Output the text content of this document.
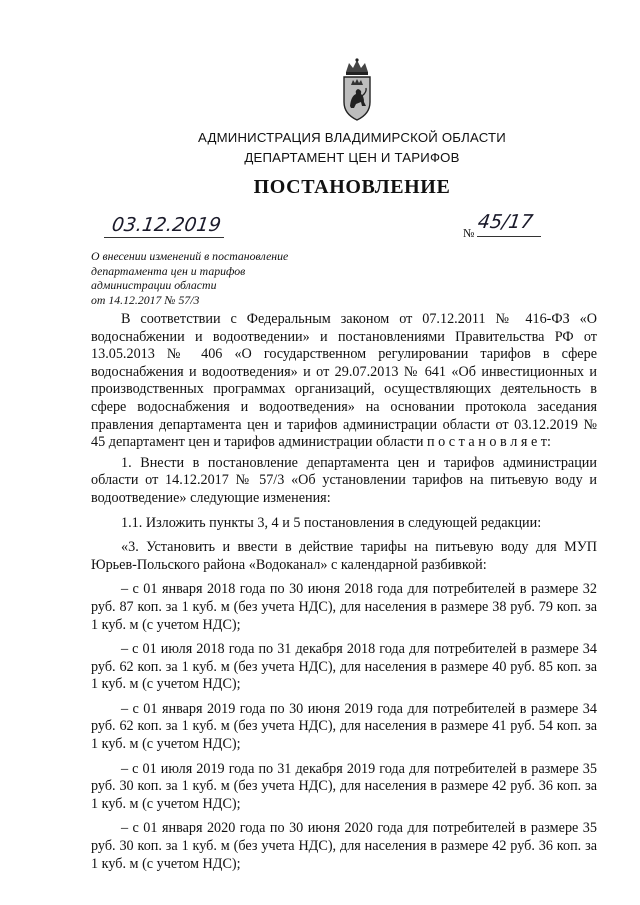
АДМИНИСТРАЦИЯ ВЛАДИМИРСКОЙ ОБЛАСТИ
ДЕПАРТАМЕНТ ЦЕН И ТАРИФОВ
ПОСТАНОВЛЕНИЕ
03.12.2019	№ 45/17
О внесении изменений в постановление
департамента цен и тарифов
администрации области
от 14.12.2017 № 57/3

В соответствии с Федеральным законом от 07.12.2011 № 416-ФЗ «О водоснабжении и водоотведении» и постановлениями Правительства РФ от 13.05.2013 № 406 «О государственном регулировании тарифов в сфере водоснабжения и водоотведения» и от 29.07.2013 № 641 «Об инвестиционных и производственных программах организаций, осуществляющих деятельность в сфере водоснабжения и водоотведения» на основании протокола заседания правления департамента цен и тарифов администрации области от 03.12.2019 № 45 департамент цен и тарифов администрации области п о с т а н о в л я е т:

1. Внести в постановление департамента цен и тарифов администрации области от 14.12.2017 № 57/3 «Об установлении тарифов на питьевую воду и водоотведение» следующие изменения:

1.1. Изложить пункты 3, 4 и 5 постановления в следующей редакции:

«3. Установить и ввести в действие тарифы на питьевую воду для МУП Юрьев-Польского района «Водоканал» с календарной разбивкой:

– с 01 января 2018 года по 30 июня 2018 года для потребителей в размере 32 руб. 87 коп. за 1 куб. м (без учета НДС), для населения в размере 38 руб. 79 коп. за 1 куб. м (с учетом НДС);

– с 01 июля 2018 года по 31 декабря 2018 года для потребителей в размере 34 руб. 62 коп. за 1 куб. м (без учета НДС), для населения в размере 40 руб. 85 коп. за 1 куб. м (с учетом НДС);

– с 01 января 2019 года по 30 июня 2019 года для потребителей в размере 34 руб. 62 коп. за 1 куб. м (без учета НДС), для населения в размере 41 руб. 54 коп. за 1 куб. м (с учетом НДС);

– с 01 июля 2019 года по 31 декабря 2019 года для потребителей в размере 35 руб. 30 коп. за 1 куб. м (без учета НДС), для населения в размере 42 руб. 36 коп. за 1 куб. м (с учетом НДС);

– с 01 января 2020 года по 30 июня 2020 года для потребителей в размере 35 руб. 30 коп. за 1 куб. м (без учета НДС), для населения в размере 42 руб. 36 коп. за 1 куб. м (с учетом НДС);
